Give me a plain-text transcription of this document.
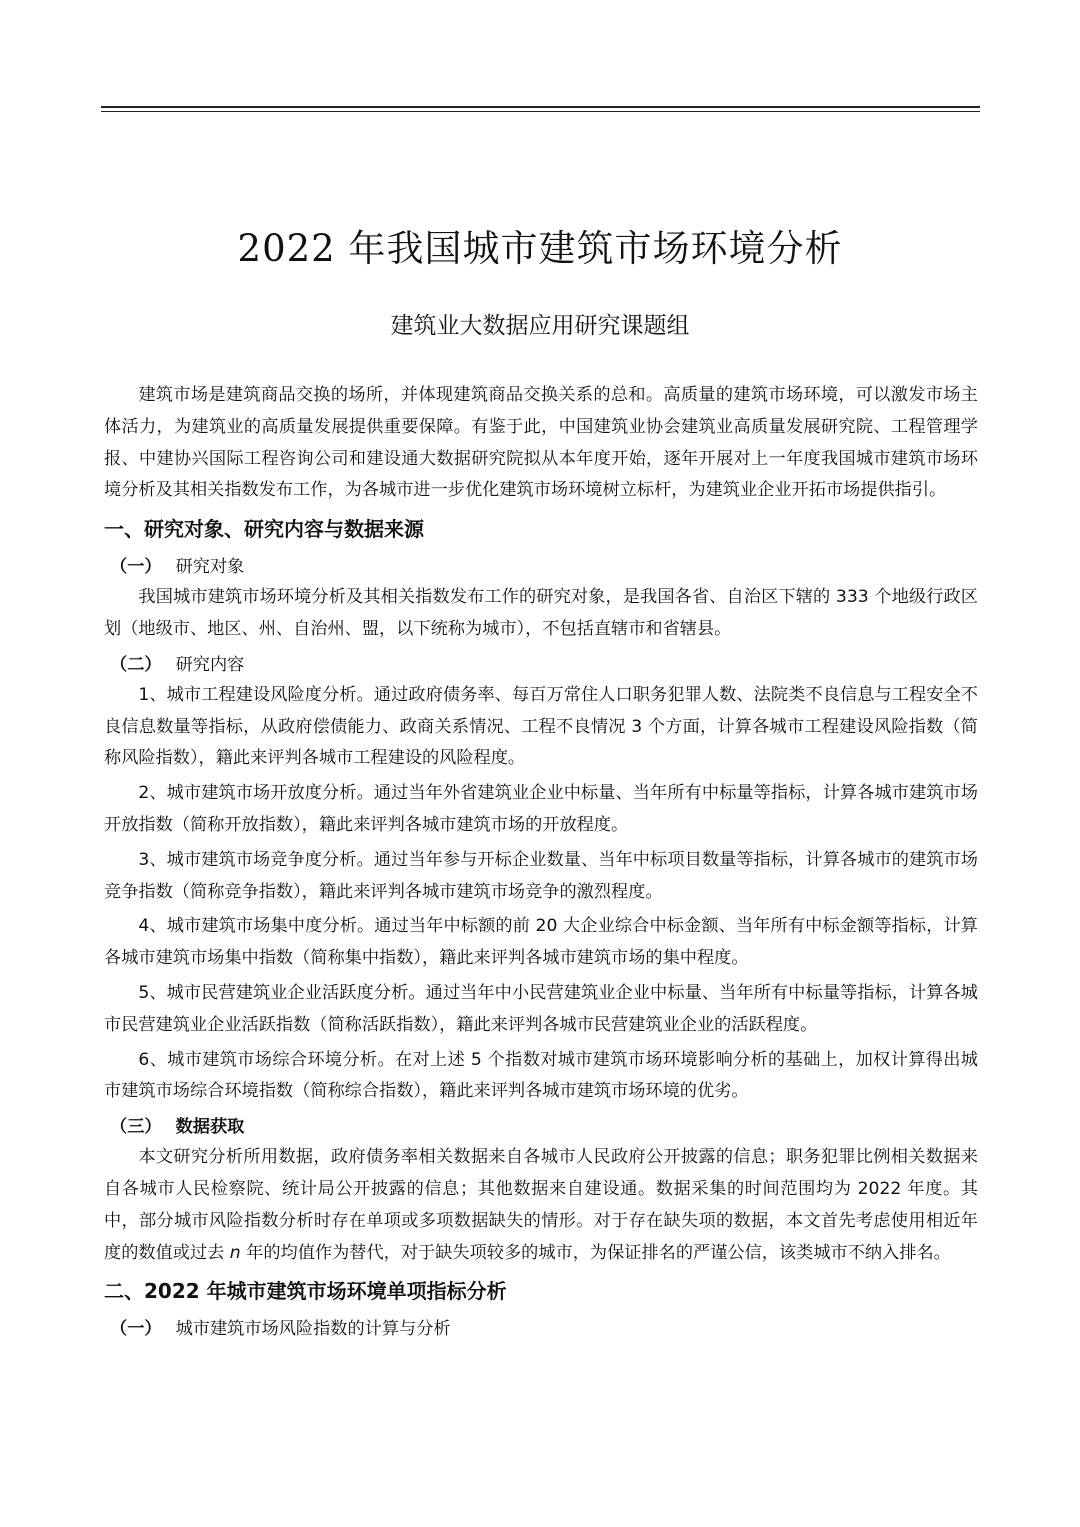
2022 年我国城市建筑市场环境分析
建筑业大数据应用研究课题组

建筑市场是建筑商品交换的场所，并体现建筑商品交换关系的总和。高质量的建筑市场环境，可以激发市场主体活力，为建筑业的高质量发展提供重要保障。有鉴于此，中国建筑业协会建筑业高质量发展研究院、工程管理学报、中建协兴国际工程咨询公司和建设通大数据研究院拟从本年度开始，逐年开展对上一年度我国城市建筑市场环境分析及其相关指数发布工作，为各城市进一步优化建筑市场环境树立标杆，为建筑业企业开拓市场提供指引。

一、研究对象、研究内容与数据来源
（一） 研究对象

我国城市建筑市场环境分析及其相关指数发布工作的研究对象，是我国各省、自治区下辖的 333 个地级行政区划（地级市、地区、州、自治州、盟，以下统称为城市），不包括直辖市和省辖县。

（二） 研究内容

1、城市工程建设风险度分析。通过政府债务率、每百万常住人口职务犯罪人数、法院类不良信息与工程安全不良信息数量等指标，从政府偿债能力、政商关系情况、工程不良情况 3 个方面，计算各城市工程建设风险指数（简称风险指数），籍此来评判各城市工程建设的风险程度。

2、城市建筑市场开放度分析。通过当年外省建筑业企业中标量、当年所有中标量等指标，计算各城市建筑市场开放指数（简称开放指数），籍此来评判各城市建筑市场的开放程度。

3、城市建筑市场竞争度分析。通过当年参与开标企业数量、当年中标项目数量等指标，计算各城市的建筑市场竞争指数（简称竞争指数），籍此来评判各城市建筑市场竞争的激烈程度。

4、城市建筑市场集中度分析。通过当年中标额的前 20 大企业综合中标金额、当年所有中标金额等指标，计算各城市建筑市场集中指数（简称集中指数），籍此来评判各城市建筑市场的集中程度。

5、城市民营建筑业企业活跃度分析。通过当年中小民营建筑业企业中标量、当年所有中标量等指标，计算各城市民营建筑业企业活跃指数（简称活跃指数），籍此来评判各城市民营建筑业企业的活跃程度。

6、城市建筑市场综合环境分析。在对上述 5 个指数对城市建筑市场环境影响分析的基础上，加权计算得出城市建筑市场综合环境指数（简称综合指数），籍此来评判各城市建筑市场环境的优劣。

（三） 数据获取

本文研究分析所用数据，政府债务率相关数据来自各城市人民政府公开披露的信息；职务犯罪比例相关数据来自各城市人民检察院、统计局公开披露的信息；其他数据来自建设通。数据采集的时间范围均为 2022 年度。其中，部分城市风险指数分析时存在单项或多项数据缺失的情形。对于存在缺失项的数据，本文首先考虑使用相近年度的数值或过去 n 年的均值作为替代，对于缺失项较多的城市，为保证排名的严谨公信，该类城市不纳入排名。

二、2022 年城市建筑市场环境单项指标分析
（一） 城市建筑市场风险指数的计算与分析
